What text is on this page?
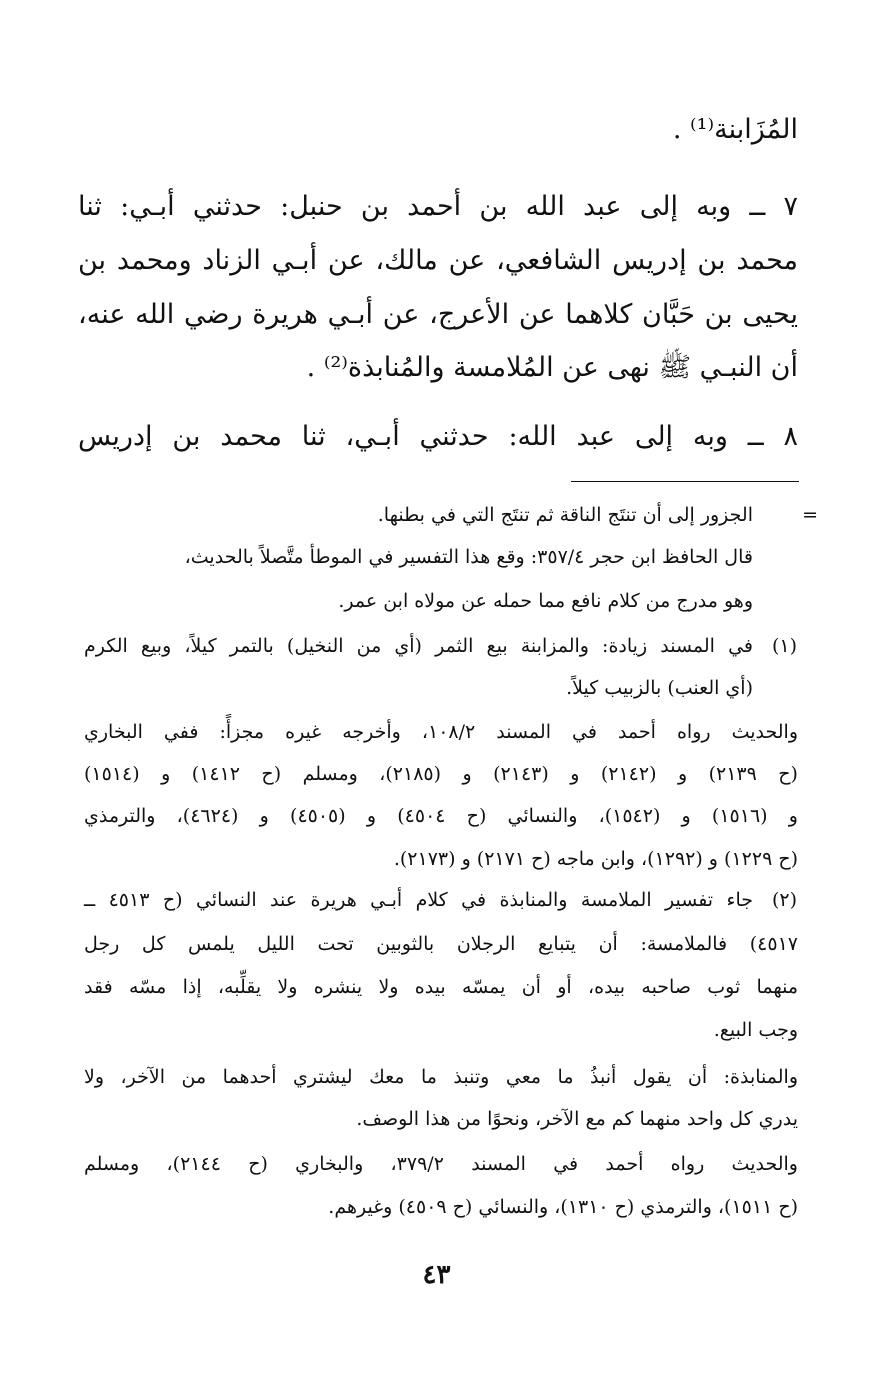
المُزَابنة⁽¹⁾ .
٧ ــ وبه إلى عبد الله بن أحمد بن حنبل: حدثني أبـي: ثنا
محمد بن إدريس الشافعي، عن مالك، عن أبـي الزناد ومحمد بن
يحيى بن حَبَّان كلاهما عن الأعرج، عن أبـي هريرة رضي الله عنه،
أن النبـي ﷺ نهى عن المُلامسة والمُنابذة⁽²⁾ .
٨ ــ وبه إلى عبد الله: حدثني أبـي، ثنا محمد بن إدريس
=
الجزور إلى أن تنتَج الناقة ثم تنتَج التي في بطنها.
قال الحافظ ابن حجر ٣٥٧/٤: وقع هذا التفسير في الموطأ متَّصلاً بالحديث،
وهو مدرج من كلام نافع مما حمله عن مولاه ابن عمر.
(١)
في المسند زيادة: والمزابنة بيع الثمر (أي من النخيل) بالتمر كيلاً، وبيع الكرم
(أي العنب) بالزبيب كيلاً.
والحديث رواه أحمد في المسند ١٠٨/٢، وأخرجه غيره مجزأً: ففي البخاري
(ح ٢١٣٩) و (٢١٤٢) و (٢١٤٣) و (٢١٨٥)، ومسلم (ح ١٤١٢) و (١٥١٤)
و (١٥١٦) و (١٥٤٢)، والنسائي (ح ٤٥٠٤) و (٤٥٠٥) و (٤٦٢٤)، والترمذي
(ح ١٢٢٩) و (١٢٩٢)، وابن ماجه (ح ٢١٧١) و (٢١٧٣).
(٢)
جاء تفسير الملامسة والمنابذة في كلام أبـي هريرة عند النسائي (ح ٤٥١٣ ــ
٤٥١٧) فالملامسة: أن يتبايع الرجلان بالثوبين تحت الليل يلمس كل رجل
منهما ثوب صاحبه بيده، أو أن يمسّه بيده ولا ينشره ولا يقلِّبه، إذا مسّه فقد
وجب البيع.
والمنابذة: أن يقول أنبذُ ما معي وتنبذ ما معك ليشتري أحدهما من الآخر، ولا
يدري كل واحد منهما كم مع الآخر، ونحوًا من هذا الوصف.
والحديث رواه أحمد في المسند ٣٧٩/٢، والبخاري (ح ٢١٤٤)، ومسلم
(ح ١٥١١)، والترمذي (ح ١٣١٠)، والنسائي (ح ٤٥٠٩) وغيرهم.
٤٣
